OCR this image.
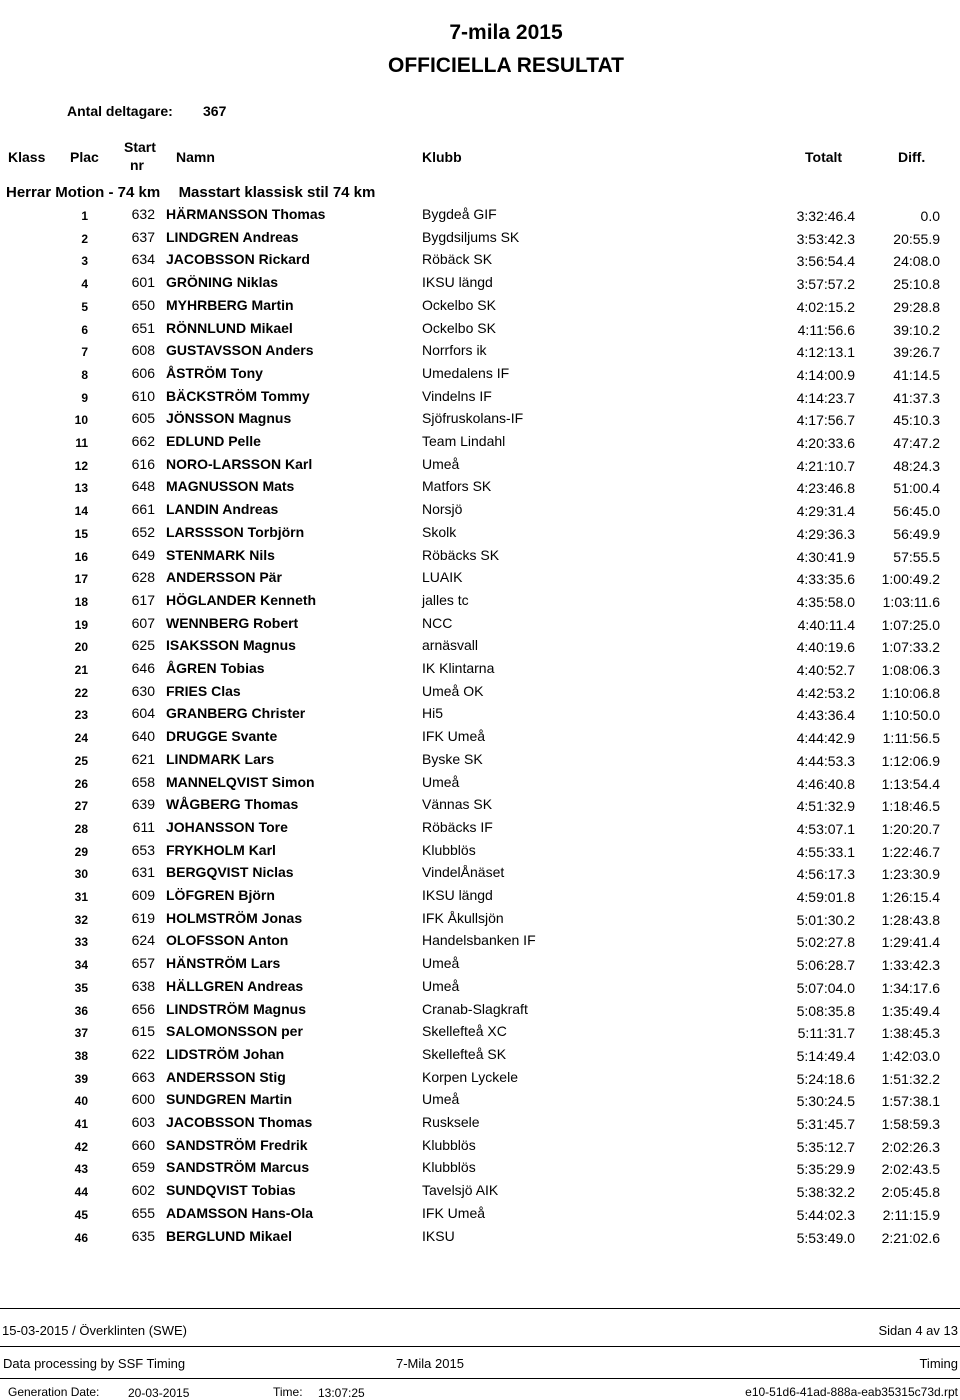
7-mila 2015
OFFICIELLA RESULTAT
Antal deltagare: 367
Klass Plac
Start
nr Namn	Klubb	Totalt	Diff.
Herrar Motion - 74 km Masstart klassisk stil 74 km
1	632 HÄRMANSSON Thomas	Bygdeå GIF	3:32:46.4	0.0
2	637 LINDGREN Andreas	Bygdsiljums SK	3:53:42.3	20:55.9
3	634 JACOBSSON Rickard	Röbäck SK	3:56:54.4	24:08.0
4	601 GRÖNING Niklas	IKSU längd	3:57:57.2	25:10.8
5	650 MYHRBERG Martin	Ockelbo SK	4:02:15.2	29:28.8
6	651 RÖNNLUND Mikael	Ockelbo SK	4:11:56.6	39:10.2
7	608 GUSTAVSSON Anders	Norrfors ik	4:12:13.1	39:26.7
8	606 ÅSTRÖM Tony	Umedalens IF	4:14:00.9	41:14.5
9	610 BÄCKSTRÖM Tommy	Vindelns IF	4:14:23.7	41:37.3
10	605 JÖNSSON Magnus	Sjöfruskolans-IF	4:17:56.7	45:10.3
11	662 EDLUND Pelle	Team Lindahl	4:20:33.6	47:47.2
12	616 NORO-LARSSON Karl	Umeå	4:21:10.7	48:24.3
13	648 MAGNUSSON Mats	Matfors SK	4:23:46.8	51:00.4
14	661 LANDIN Andreas	Norsjö	4:29:31.4	56:45.0
15	652 LARSSSON Torbjörn	Skolk	4:29:36.3	56:49.9
16	649 STENMARK Nils	Röbäcks SK	4:30:41.9	57:55.5
17	628 ANDERSSON Pär	LUAIK	4:33:35.6	1:00:49.2
18	617 HÖGLANDER Kenneth	jalles tc	4:35:58.0	1:03:11.6
19	607 WENNBERG Robert	NCC	4:40:11.4	1:07:25.0
20	625 ISAKSSON Magnus	arnäsvall	4:40:19.6	1:07:33.2
21	646 ÅGREN Tobias	IK Klintarna	4:40:52.7	1:08:06.3
22	630 FRIES Clas	Umeå OK	4:42:53.2	1:10:06.8
23	604 GRANBERG Christer	Hi5	4:43:36.4	1:10:50.0
24	640 DRUGGE Svante	IFK Umeå	4:44:42.9	1:11:56.5
25	621 LINDMARK Lars	Byske SK	4:44:53.3	1:12:06.9
26	658 MANNELQVIST Simon	Umeå	4:46:40.8	1:13:54.4
27	639 WÅGBERG Thomas	Vännas SK	4:51:32.9	1:18:46.5
28	611 JOHANSSON Tore	Röbäcks IF	4:53:07.1	1:20:20.7
29	653 FRYKHOLM Karl	Klubblös	4:55:33.1	1:22:46.7
30	631 BERGQVIST Niclas	VindelÅnäset	4:56:17.3	1:23:30.9
31	609 LÖFGREN Björn	IKSU längd	4:59:01.8	1:26:15.4
32	619 HOLMSTRÖM Jonas	IFK Åkullsjön	5:01:30.2	1:28:43.8
33	624 OLOFSSON Anton	Handelsbanken IF	5:02:27.8	1:29:41.4
34	657 HÄNSTRÖM Lars	Umeå	5:06:28.7	1:33:42.3
35	638 HÄLLGREN Andreas	Umeå	5:07:04.0	1:34:17.6
36	656 LINDSTRÖM Magnus	Cranab-Slagkraft	5:08:35.8	1:35:49.4
37	615 SALOMONSSON per	Skellefteå XC	5:11:31.7	1:38:45.3
38	622 LIDSTRÖM Johan	Skellefteå SK	5:14:49.4	1:42:03.0
39	663 ANDERSSON Stig	Korpen Lyckele	5:24:18.6	1:51:32.2
40	600 SUNDGREN Martin	Umeå	5:30:24.5	1:57:38.1
41	603 JACOBSSON Thomas	Rusksele	5:31:45.7	1:58:59.3
42	660 SANDSTRÖM Fredrik	Klubblös	5:35:12.7	2:02:26.3
43	659 SANDSTRÖM Marcus	Klubblös	5:35:29.9	2:02:43.5
44	602 SUNDQVIST Tobias	Tavelsjö AIK	5:38:32.2	2:05:45.8
45	655 ADAMSSON Hans-Ola	IFK Umeå	5:44:02.3	2:11:15.9
46	635 BERGLUND Mikael	IKSU	5:53:49.0	2:21:02.6
15-03-2015 / Överklinten (SWE)	Sidan 4 av 13
Data processing by SSF Timing	7-Mila 2015	Timing
Generation Date: 20-03-2015	Time: 13:07:25	e10-51d6-41ad-888a-eab35315c73d.rpt
